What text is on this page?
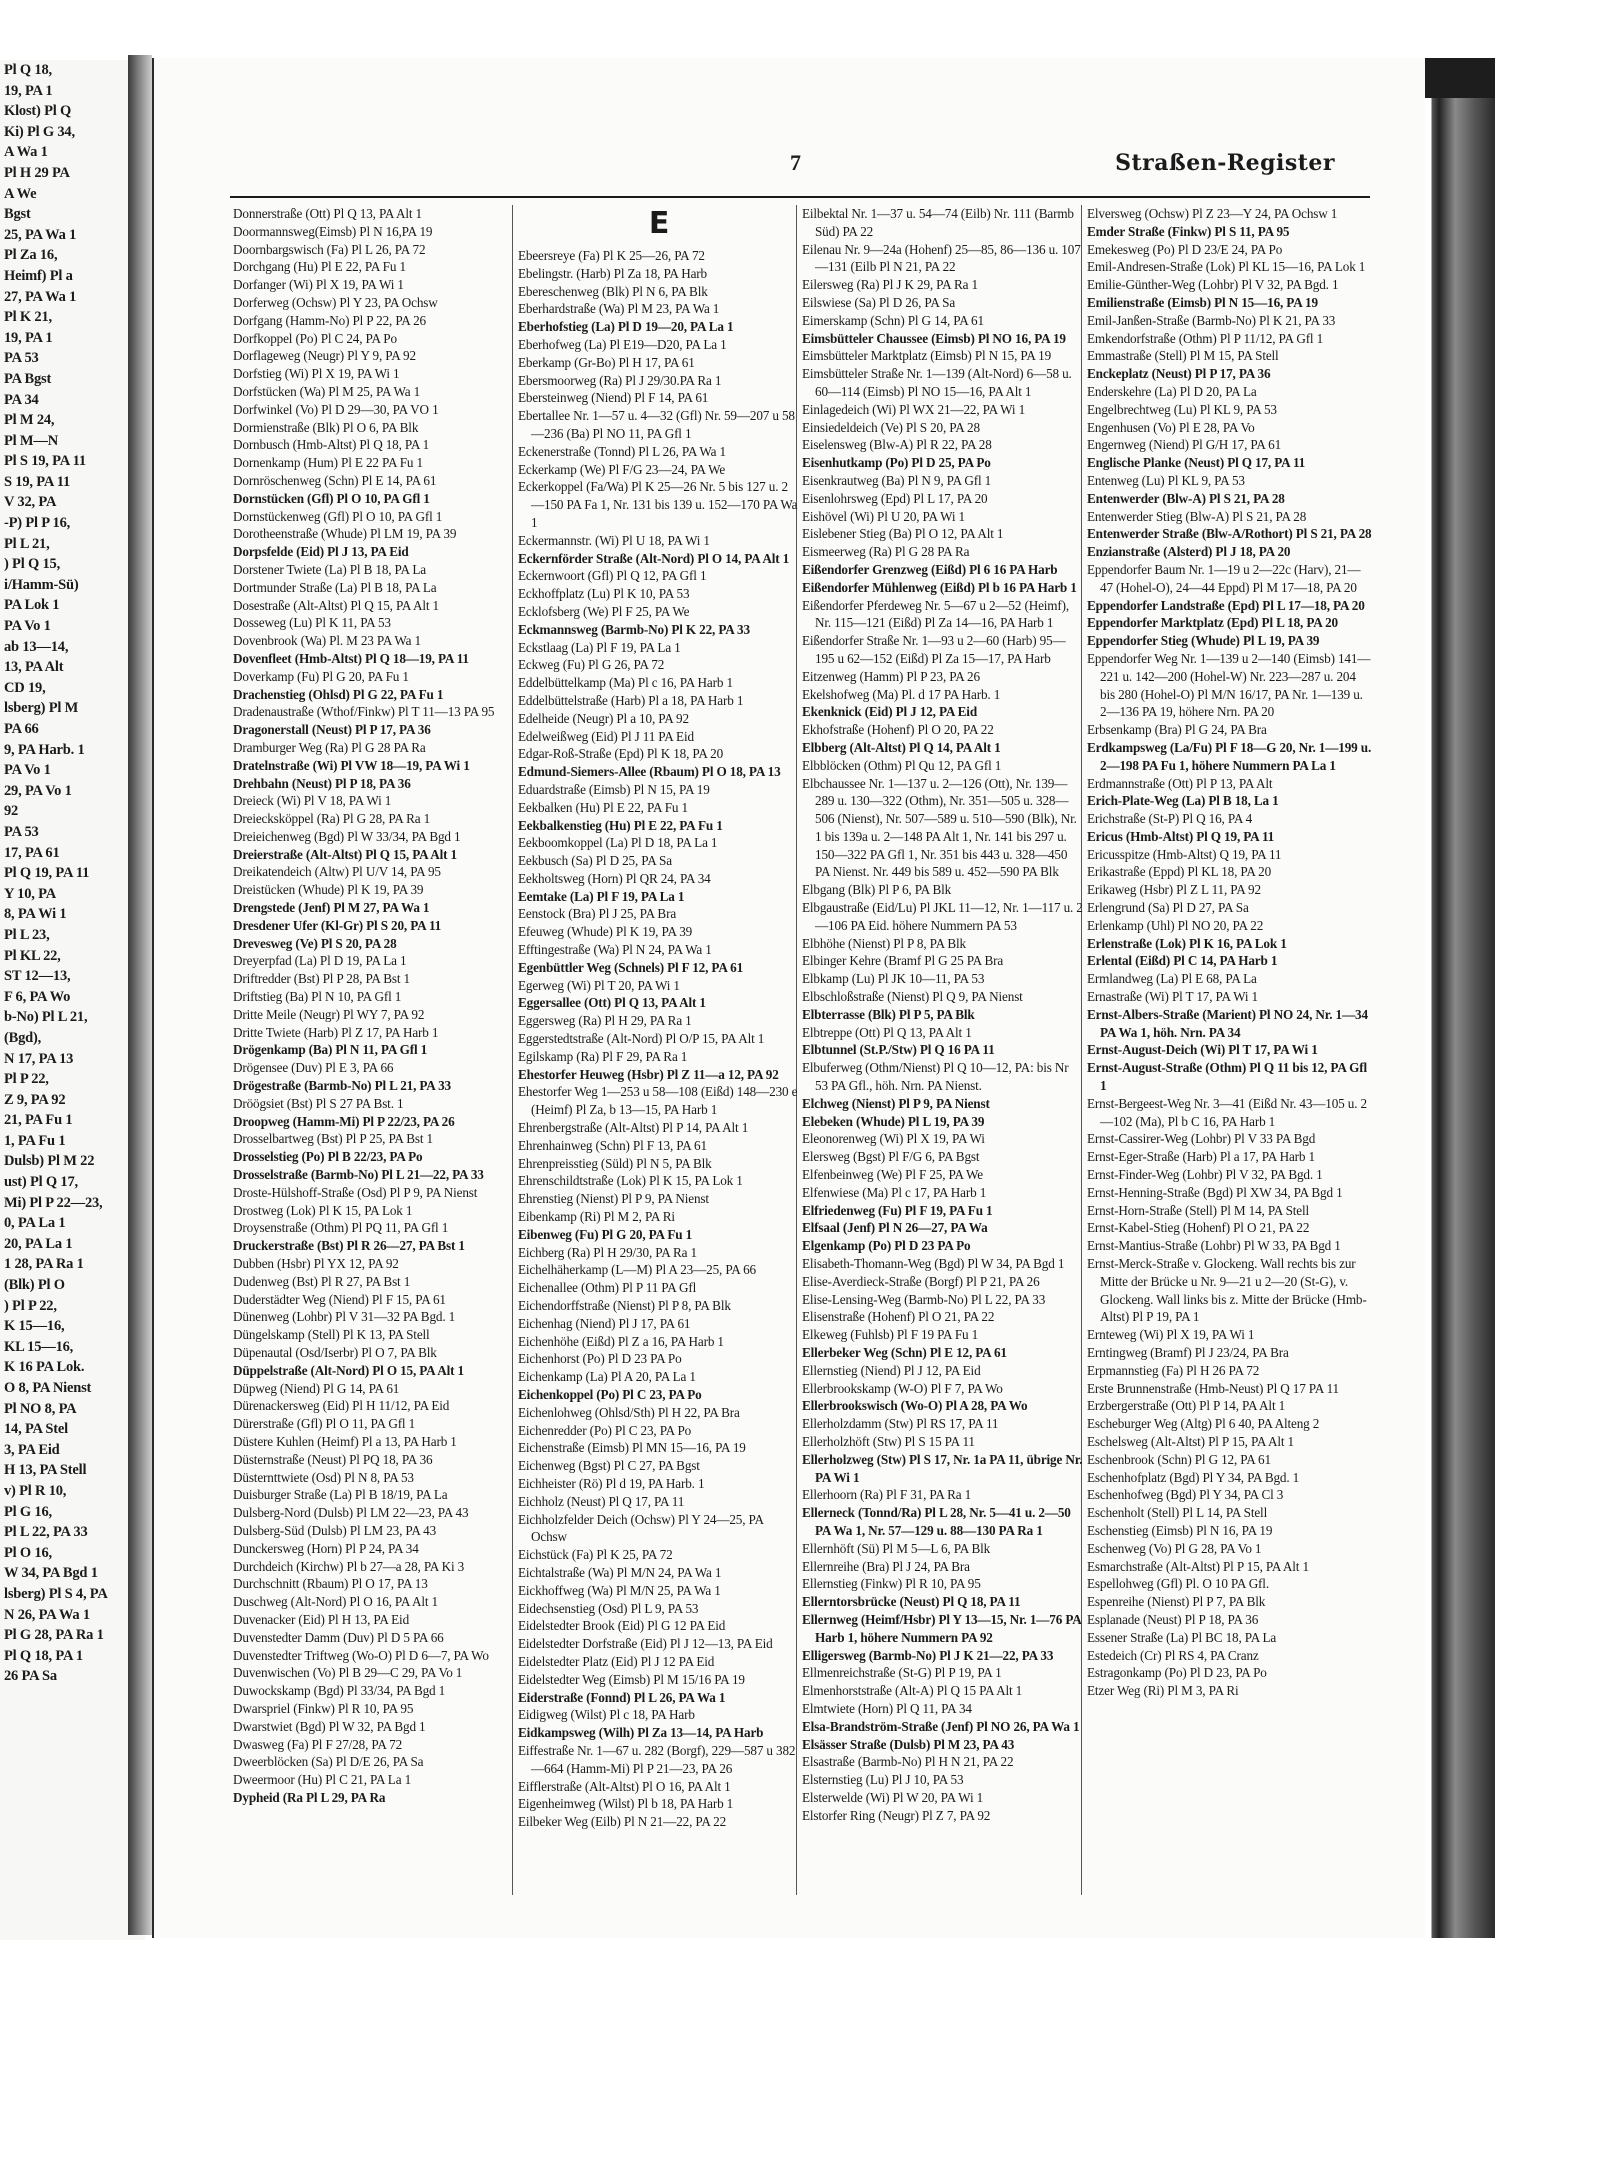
Pl Q 18,
19, PA 1
Klost) Pl Q
Ki) Pl G 34,
A Wa 1
Pl H 29 PA
A We
Bgst
25, PA Wa 1
Pl Za 16,
Heimf) Pl a
27, PA Wa 1
Pl K 21,
19, PA 1
PA 53
PA Bgst
PA 34
Pl M 24,
Pl M—N
Pl S 19, PA 11
S 19, PA 11
V 32, PA
-P) Pl P 16,
Pl L 21,
) Pl Q 15,
i/Hamm-Sü)
PA Lok 1
PA Vo 1
ab 13—14,
13, PA Alt
CD 19,
lsberg) Pl M
PA 66
9, PA Harb. 1
PA Vo 1
29, PA Vo 1
92
PA 53
17, PA 61
Pl Q 19, PA 11
Y 10, PA
8, PA Wi 1
Pl L 23,
Pl KL 22,
ST 12—13,
F 6, PA Wo
b-No) Pl L 21,
(Bgd),
N 17, PA 13
Pl P 22,
Z 9, PA 92
21, PA Fu 1
1, PA Fu 1
Dulsb) Pl M 22
ust) Pl Q 17,
Mi) Pl P 22—23,
0, PA La 1
20, PA La 1
1 28, PA Ra 1
(Blk) Pl O
) Pl P 22,
K 15—16,
KL 15—16,
K 16 PA Lok.
O 8, PA Nienst
Pl NO 8, PA
14, PA Stel
3, PA Eid
H 13, PA Stell
v) Pl R 10,
Pl G 16,
Pl L 22, PA 33
Pl O 16,
W 34, PA Bgd 1
lsberg) Pl S 4, PA
N 26, PA Wa 1
Pl G 28, PA Ra 1
Pl Q 18, PA 1
26 PA Sa
7	Straßen-Register

Donnerstraße (Ott) Pl Q 13, PA Alt 1

Doormannsweg(Eimsb) Pl N 16,PA 19

Doornbargswisch (Fa) Pl L 26, PA 72

Dorchgang (Hu) Pl E 22, PA Fu 1

Dorfanger (Wi) Pl X 19, PA Wi 1

Dorferweg (Ochsw) Pl Y 23, PA Ochsw

Dorfgang (Hamm-No) Pl P 22, PA 26

Dorfkoppel (Po) Pl C 24, PA Po

Dorflageweg (Neugr) Pl Y 9, PA 92

Dorfstieg (Wi) Pl X 19, PA Wi 1

Dorfstücken (Wa) Pl M 25, PA Wa 1

Dorfwinkel (Vo) Pl D 29—30, PA VO 1

Dormienstraße (Blk) Pl O 6, PA Blk

Dornbusch (Hmb-Altst) Pl Q 18, PA 1

Dornenkamp (Hum) Pl E 22 PA Fu 1

Dornröschenweg (Schn) Pl E 14, PA 61

Dornstücken (Gfl) Pl O 10, PA Gfl 1

Dornstückenweg (Gfl) Pl O 10, PA Gfl 1

Dorotheenstraße (Whude) Pl LM 19, PA 39

Dorpsfelde (Eid) Pl J 13, PA Eid

Dorstener Twiete (La) Pl B 18, PA La

Dortmunder Straße (La) Pl B 18, PA La

Dosestraße (Alt-Altst) Pl Q 15, PA Alt 1

Dosseweg (Lu) Pl K 11, PA 53

Dovenbrook (Wa) Pl. M 23 PA Wa 1

Dovenfleet (Hmb-Altst) Pl Q 18—19, PA 11

Doverkamp (Fu) Pl G 20, PA Fu 1

Drachenstieg (Ohlsd) Pl G 22, PA Fu 1

Dradenaustraße (Wthof/Finkw) Pl T 11—13 PA 95

Dragonerstall (Neust) Pl P 17, PA 36

Dramburger Weg (Ra) Pl G 28 PA Ra

Dratelnstraße (Wi) Pl VW 18—19, PA Wi 1

Drehbahn (Neust) Pl P 18, PA 36

Dreieck (Wi) Pl V 18, PA Wi 1

Dreiecksköppel (Ra) Pl G 28, PA Ra 1

Dreieichenweg (Bgd) Pl W 33/34, PA Bgd 1

Dreierstraße (Alt-Altst) Pl Q 15, PA Alt 1

Dreikatendeich (Altw) Pl U/V 14, PA 95

Dreistücken (Whude) Pl K 19, PA 39

Drengstede (Jenf) Pl M 27, PA Wa 1

Dresdener Ufer (Kl-Gr) Pl S 20, PA 11

Drevesweg (Ve) Pl S 20, PA 28

Dreyerpfad (La) Pl D 19, PA La 1

Driftredder (Bst) Pl P 28, PA Bst 1

Driftstieg (Ba) Pl N 10, PA Gfl 1

Dritte Meile (Neugr) Pl WY 7, PA 92

Dritte Twiete (Harb) Pl Z 17, PA Harb 1

Drögenkamp (Ba) Pl N 11, PA Gfl 1

Drögensee (Duv) Pl E 3, PA 66

Drögestraße (Barmb-No) Pl L 21, PA 33

Dröögsiet (Bst) Pl S 27 PA Bst. 1

Droopweg (Hamm-Mi) Pl P 22/23, PA 26

Drosselbartweg (Bst) Pl P 25, PA Bst 1

Drosselstieg (Po) Pl B 22/23, PA Po

Drosselstraße (Barmb-No) Pl L 21—22, PA 33

Droste-Hülshoff-Straße (Osd) Pl P 9, PA Nienst

Drostweg (Lok) Pl K 15, PA Lok 1

Droysenstraße (Othm) Pl PQ 11, PA Gfl 1

Druckerstraße (Bst) Pl R 26—27, PA Bst 1

Dubben (Hsbr) Pl YX 12, PA 92

Dudenweg (Bst) Pl R 27, PA Bst 1

Duderstädter Weg (Niend) Pl F 15, PA 61

Dünenweg (Lohbr) Pl V 31—32 PA Bgd. 1

Düngelskamp (Stell) Pl K 13, PA Stell

Düpenautal (Osd/Iserbr) Pl O 7, PA Blk

Düppelstraße (Alt-Nord) Pl O 15, PA Alt 1

Düpweg (Niend) Pl G 14, PA 61

Dürenackersweg (Eid) Pl H 11/12, PA Eid

Dürerstraße (Gfl) Pl O 11, PA Gfl 1

Düstere Kuhlen (Heimf) Pl a 13, PA Harb 1

Düsternstraße (Neust) Pl PQ 18, PA 36

Düsternttwiete (Osd) Pl N 8, PA 53

Duisburger Straße (La) Pl B 18/19, PA La

Dulsberg-Nord (Dulsb) Pl LM 22—23, PA 43

Dulsberg-Süd (Dulsb) Pl LM 23, PA 43

Dunckersweg (Horn) Pl P 24, PA 34

Durchdeich (Kirchw) Pl b 27—a 28, PA Ki 3

Durchschnitt (Rbaum) Pl O 17, PA 13

Duschweg (Alt-Nord) Pl O 16, PA Alt 1

Duvenacker (Eid) Pl H 13, PA Eid

Duvenstedter Damm (Duv) Pl D 5 PA 66

Duvenstedter Triftweg (Wo-O) Pl D 6—7, PA Wo

Duvenwischen (Vo) Pl B 29—C 29, PA Vo 1

Duwockskamp (Bgd) Pl 33/34, PA Bgd 1

Dwarspriel (Finkw) Pl R 10, PA 95

Dwarstwiet (Bgd) Pl W 32, PA Bgd 1

Dwasweg (Fa) Pl F 27/28, PA 72

Dweerblöcken (Sa) Pl D/E 26, PA Sa

Dweermoor (Hu) Pl C 21, PA La 1

Dypheid (Ra Pl L 29, PA Ra

E

Ebeersreye (Fa) Pl K 25—26, PA 72

Ebelingstr. (Harb) Pl Za 18, PA Harb

Ebereschenweg (Blk) Pl N 6, PA Blk

Eberhardstraße (Wa) Pl M 23, PA Wa 1

Eberhofstieg (La) Pl D 19—20, PA La 1

Eberhofweg (La) Pl E19—D20, PA La 1

Eberkamp (Gr-Bo) Pl H 17, PA 61

Ebersmoorweg (Ra) Pl J 29/30.PA Ra 1

Ebersteinweg (Niend) Pl F 14, PA 61

Ebertallee Nr. 1—57 u. 4—32 (Gfl) Nr. 59—207 u 58—236 (Ba) Pl NO 11, PA Gfl 1

Eckenerstraße (Tonnd) Pl L 26, PA Wa 1

Eckerkamp (We) Pl F/G 23—24, PA We

Eckerkoppel (Fa/Wa) Pl K 25—26 Nr. 5 bis 127 u. 2—150 PA Fa 1, Nr. 131 bis 139 u. 152—170 PA Wa 1

Eckermannstr. (Wi) Pl U 18, PA Wi 1

Eckernförder Straße (Alt-Nord) Pl O 14, PA Alt 1

Eckernwoort (Gfl) Pl Q 12, PA Gfl 1

Eckhoffplatz (Lu) Pl K 10, PA 53

Ecklofsberg (We) Pl F 25, PA We

Eckmannsweg (Barmb-No) Pl K 22, PA 33

Eckstlaag (La) Pl F 19, PA La 1

Eckweg (Fu) Pl G 26, PA 72

Eddelbüttelkamp (Ma) Pl c 16, PA Harb 1

Eddelbüttelstraße (Harb) Pl a 18, PA Harb 1

Edelheide (Neugr) Pl a 10, PA 92

Edelweißweg (Eid) Pl J 11 PA Eid

Edgar-Roß-Straße (Epd) Pl K 18, PA 20

Edmund-Siemers-Allee (Rbaum) Pl O 18, PA 13

Eduardstraße (Eimsb) Pl N 15, PA 19

Eekbalken (Hu) Pl E 22, PA Fu 1

Eekbalkenstieg (Hu) Pl E 22, PA Fu 1

Eekboomkoppel (La) Pl D 18, PA La 1

Eekbusch (Sa) Pl D 25, PA Sa

Eekholtsweg (Horn) Pl QR 24, PA 34

Eemtake (La) Pl F 19, PA La 1

Eenstock (Bra) Pl J 25, PA Bra

Efeuweg (Whude) Pl K 19, PA 39

Efftingestraße (Wa) Pl N 24, PA Wa 1

Egenbüttler Weg (Schnels) Pl F 12, PA 61

Egerweg (Wi) Pl T 20, PA Wi 1

Eggersallee (Ott) Pl Q 13, PA Alt 1

Eggersweg (Ra) Pl H 29, PA Ra 1

Eggerstedtstraße (Alt-Nord) Pl O/P 15, PA Alt 1

Egilskamp (Ra) Pl F 29, PA Ra 1

Ehestorfer Heuweg (Hsbr) Pl Z 11—a 12, PA 92

Ehestorfer Weg 1—253 u 58—108 (Eißd) 148—230 e (Heimf) Pl Za, b 13—15, PA Harb 1

Ehrenbergstraße (Alt-Altst) Pl P 14, PA Alt 1

Ehrenhainweg (Schn) Pl F 13, PA 61

Ehrenpreisstieg (Süld) Pl N 5, PA Blk

Ehrenschildtstraße (Lok) Pl K 15, PA Lok 1

Ehrenstieg (Nienst) Pl P 9, PA Nienst

Eibenkamp (Ri) Pl M 2, PA Ri

Eibenweg (Fu) Pl G 20, PA Fu 1

Eichberg (Ra) Pl H 29/30, PA Ra 1

Eichelhäherkamp (L—M) Pl A 23—25, PA 66

Eichenallee (Othm) Pl P 11 PA Gfl

Eichendorffstraße (Nienst) Pl P 8, PA Blk

Eichenhag (Niend) Pl J 17, PA 61

Eichenhöhe (Eißd) Pl Z a 16, PA Harb 1

Eichenhorst (Po) Pl D 23 PA Po

Eichenkamp (La) Pl A 20, PA La 1

Eichenkoppel (Po) Pl C 23, PA Po

Eichenlohweg (Ohlsd/Sth) Pl H 22, PA Bra

Eichenredder (Po) Pl C 23, PA Po

Eichenstraße (Eimsb) Pl MN 15—16, PA 19

Eichenweg (Bgst) Pl C 27, PA Bgst

Eichheister (Rö) Pl d 19, PA Harb. 1

Eichholz (Neust) Pl Q 17, PA 11

Eichholzfelder Deich (Ochsw) Pl Y 24—25, PA Ochsw

Eichstück (Fa) Pl K 25, PA 72

Eichtalstraße (Wa) Pl M/N 24, PA Wa 1

Eickhoffweg (Wa) Pl M/N 25, PA Wa 1

Eidechsenstieg (Osd) Pl L 9, PA 53

Eidelstedter Brook (Eid) Pl G 12 PA Eid

Eidelstedter Dorfstraße (Eid) Pl J 12—13, PA Eid

Eidelstedter Platz (Eid) Pl J 12 PA Eid

Eidelstedter Weg (Eimsb) Pl M 15/16 PA 19

Eiderstraße (Fonnd) Pl L 26, PA Wa 1

Eidigweg (Wilst) Pl c 18, PA Harb

Eidkampsweg (Wilh) Pl Za 13—14, PA Harb

Eiffestraße Nr. 1—67 u. 282 (Borgf), 229—587 u 382—664 (Hamm-Mi) Pl P 21—23, PA 26

Eifflerstraße (Alt-Altst) Pl O 16, PA Alt 1

Eigenheimweg (Wilst) Pl b 18, PA Harb 1

Eilbeker Weg (Eilb) Pl N 21—22, PA 22

Eilbektal Nr. 1—37 u. 54—74 (Eilb) Nr. 111 (Barmb Süd) PA 22

Eilenau Nr. 9—24a (Hohenf) 25—85, 86—136 u. 107—131 (Eilb Pl N 21, PA 22

Eilersweg (Ra) Pl J K 29, PA Ra 1

Eilswiese (Sa) Pl D 26, PA Sa

Eimerskamp (Schn) Pl G 14, PA 61

Eimsbütteler Chaussee (Eimsb) Pl NO 16, PA 19

Eimsbütteler Marktplatz (Eimsb) Pl N 15, PA 19

Eimsbütteler Straße Nr. 1—139 (Alt-Nord) 6—58 u. 60—114 (Eimsb) Pl NO 15—16, PA Alt 1

Einlagedeich (Wi) Pl WX 21—22, PA Wi 1

Einsiedeldeich (Ve) Pl S 20, PA 28

Eiselensweg (Blw-A) Pl R 22, PA 28

Eisenhutkamp (Po) Pl D 25, PA Po

Eisenkrautweg (Ba) Pl N 9, PA Gfl 1

Eisenlohrsweg (Epd) Pl L 17, PA 20

Eishövel (Wi) Pl U 20, PA Wi 1

Eislebener Stieg (Ba) Pl O 12, PA Alt 1

Eismeerweg (Ra) Pl G 28 PA Ra

Eißendorfer Grenzweg (Eißd) Pl 6 16 PA Harb

Eißendorfer Mühlenweg (Eißd) Pl b 16 PA Harb 1

Eißendorfer Pferdeweg Nr. 5—67 u 2—52 (Heimf), Nr. 115—121 (Eißd) Pl Za 14—16, PA Harb 1

Eißendorfer Straße Nr. 1—93 u 2—60 (Harb) 95—195 u 62—152 (Eißd) Pl Za 15—17, PA Harb

Eitzenweg (Hamm) Pl P 23, PA 26

Ekelshofweg (Ma) Pl. d 17 PA Harb. 1

Ekenknick (Eid) Pl J 12, PA Eid

Ekhofstraße (Hohenf) Pl O 20, PA 22

Elbberg (Alt-Altst) Pl Q 14, PA Alt 1

Elbblöcken (Othm) Pl Qu 12, PA Gfl 1

Elbchaussee Nr. 1—137 u. 2—126 (Ott), Nr. 139—289 u. 130—322 (Othm), Nr. 351—505 u. 328—506 (Nienst), Nr. 507—589 u. 510—590 (Blk), Nr. 1 bis 139a u. 2—148 PA Alt 1, Nr. 141 bis 297 u. 150—322 PA Gfl 1, Nr. 351 bis 443 u. 328—450 PA Nienst. Nr. 449 bis 589 u. 452—590 PA Blk

Elbgang (Blk) Pl P 6, PA Blk

Elbgaustraße (Eid/Lu) Pl JKL 11—12, Nr. 1—117 u. 2—106 PA Eid. höhere Nummern PA 53

Elbhöhe (Nienst) Pl P 8, PA Blk

Elbinger Kehre (Bramf Pl G 25 PA Bra

Elbkamp (Lu) Pl JK 10—11, PA 53

Elbschloßstraße (Nienst) Pl Q 9, PA Nienst

Elbterrasse (Blk) Pl P 5, PA Blk

Elbtreppe (Ott) Pl Q 13, PA Alt 1

Elbtunnel (St.P./Stw) Pl Q 16 PA 11

Elbuferweg (Othm/Nienst) Pl Q 10—12, PA: bis Nr 53 PA Gfl., höh. Nrn. PA Nienst.

Elchweg (Nienst) Pl P 9, PA Nienst

Elebeken (Whude) Pl L 19, PA 39

Eleonorenweg (Wi) Pl X 19, PA Wi

Elersweg (Bgst) Pl F/G 6, PA Bgst

Elfenbeinweg (We) Pl F 25, PA We

Elfenwiese (Ma) Pl c 17, PA Harb 1

Elfriedenweg (Fu) Pl F 19, PA Fu 1

Elfsaal (Jenf) Pl N 26—27, PA Wa

Elgenkamp (Po) Pl D 23 PA Po

Elisabeth-Thomann-Weg (Bgd) Pl W 34, PA Bgd 1

Elise-Averdieck-Straße (Borgf) Pl P 21, PA 26

Elise-Lensing-Weg (Barmb-No) Pl L 22, PA 33

Elisenstraße (Hohenf) Pl O 21, PA 22

Elkeweg (Fuhlsb) Pl F 19 PA Fu 1

Ellerbeker Weg (Schn) Pl E 12, PA 61

Ellernstieg (Niend) Pl J 12, PA Eid

Ellerbrookskamp (W-O) Pl F 7, PA Wo

Ellerbrookswisch (Wo-O) Pl A 28, PA Wo

Ellerholzdamm (Stw) Pl RS 17, PA 11

Ellerholzhöft (Stw) Pl S 15 PA 11

Ellerholzweg (Stw) Pl S 17, Nr. 1a PA 11, übrige Nr. PA Wi 1

Ellerhoorn (Ra) Pl F 31, PA Ra 1

Ellerneck (Tonnd/Ra) Pl L 28, Nr. 5—41 u. 2—50 PA Wa 1, Nr. 57—129 u. 88—130 PA Ra 1

Ellernhöft (Sü) Pl M 5—L 6, PA Blk

Ellernreihe (Bra) Pl J 24, PA Bra

Ellernstieg (Finkw) Pl R 10, PA 95

Ellerntorsbrücke (Neust) Pl Q 18, PA 11

Ellernweg (Heimf/Hsbr) Pl Y 13—15, Nr. 1—76 PA Harb 1, höhere Nummern PA 92

Elligersweg (Barmb-No) Pl J K 21—22, PA 33

Ellmenreichstraße (St-G) Pl P 19, PA 1

Elmenhorststraße (Alt-A) Pl Q 15 PA Alt 1

Elmtwiete (Horn) Pl Q 11, PA 34

Elsa-Brandström-Straße (Jenf) Pl NO 26, PA Wa 1

Elsässer Straße (Dulsb) Pl M 23, PA 43

Elsastraße (Barmb-No) Pl H N 21, PA 22

Elsternstieg (Lu) Pl J 10, PA 53

Elsterwelde (Wi) Pl W 20, PA Wi 1

Elstorfer Ring (Neugr) Pl Z 7, PA 92

Elversweg (Ochsw) Pl Z 23—Y 24, PA Ochsw 1

Emder Straße (Finkw) Pl S 11, PA 95

Emekesweg (Po) Pl D 23/E 24, PA Po

Emil-Andresen-Straße (Lok) Pl KL 15—16, PA Lok 1

Emilie-Günther-Weg (Lohbr) Pl V 32, PA Bgd. 1

Emilienstraße (Eimsb) Pl N 15—16, PA 19

Emil-Janßen-Straße (Barmb-No) Pl K 21, PA 33

Emkendorfstraße (Othm) Pl P 11/12, PA Gfl 1

Emmastraße (Stell) Pl M 15, PA Stell

Enckeplatz (Neust) Pl P 17, PA 36

Enderskehre (La) Pl D 20, PA La

Engelbrechtweg (Lu) Pl KL 9, PA 53

Engenhusen (Vo) Pl E 28, PA Vo

Engernweg (Niend) Pl G/H 17, PA 61

Englische Planke (Neust) Pl Q 17, PA 11

Entenweg (Lu) Pl KL 9, PA 53

Entenwerder (Blw-A) Pl S 21, PA 28

Entenwerder Stieg (Blw-A) Pl S 21, PA 28

Entenwerder Straße (Blw-A/Rothort) Pl S 21, PA 28

Enzianstraße (Alsterd) Pl J 18, PA 20

Eppendorfer Baum Nr. 1—19 u 2—22c (Harv), 21—47 (Hohel-O), 24—44 Eppd) Pl M 17—18, PA 20

Eppendorfer Landstraße (Epd) Pl L 17—18, PA 20

Eppendorfer Marktplatz (Epd) Pl L 18, PA 20

Eppendorfer Stieg (Whude) Pl L 19, PA 39

Eppendorfer Weg Nr. 1—139 u 2—140 (Eimsb) 141—221 u. 142—200 (Hohel-W) Nr. 223—287 u. 204 bis 280 (Hohel-O) Pl M/N 16/17, PA Nr. 1—139 u. 2—136 PA 19, höhere Nrn. PA 20

Erbsenkamp (Bra) Pl G 24, PA Bra

Erdkampsweg (La/Fu) Pl F 18—G 20, Nr. 1—199 u. 2—198 PA Fu 1, höhere Nummern PA La 1

Erdmannstraße (Ott) Pl P 13, PA Alt

Erich-Plate-Weg (La) Pl B 18, La 1

Erichstraße (St-P) Pl Q 16, PA 4

Ericus (Hmb-Altst) Pl Q 19, PA 11

Ericusspitze (Hmb-Altst) Q 19, PA 11

Erikastraße (Eppd) Pl KL 18, PA 20

Erikaweg (Hsbr) Pl Z L 11, PA 92

Erlengrund (Sa) Pl D 27, PA Sa

Erlenkamp (Uhl) Pl NO 20, PA 22

Erlenstraße (Lok) Pl K 16, PA Lok 1

Erlental (Eißd) Pl C 14, PA Harb 1

Ermlandweg (La) Pl E 68, PA La

Ernastraße (Wi) Pl T 17, PA Wi 1

Ernst-Albers-Straße (Marient) Pl NO 24, Nr. 1—34 PA Wa 1, höh. Nrn. PA 34

Ernst-August-Deich (Wi) Pl T 17, PA Wi 1

Ernst-August-Straße (Othm) Pl Q 11 bis 12, PA Gfl 1

Ernst-Bergeest-Weg Nr. 3—41 (Eißd Nr. 43—105 u. 2—102 (Ma), Pl b C 16, PA Harb 1

Ernst-Cassirer-Weg (Lohbr) Pl V 33 PA Bgd

Ernst-Eger-Straße (Harb) Pl a 17, PA Harb 1

Ernst-Finder-Weg (Lohbr) Pl V 32, PA Bgd. 1

Ernst-Henning-Straße (Bgd) Pl XW 34, PA Bgd 1

Ernst-Horn-Straße (Stell) Pl M 14, PA Stell

Ernst-Kabel-Stieg (Hohenf) Pl O 21, PA 22

Ernst-Mantius-Straße (Lohbr) Pl W 33, PA Bgd 1

Ernst-Merck-Straße v. Glockeng. Wall rechts bis zur Mitte der Brücke u Nr. 9—21 u 2—20 (St-G), v. Glockeng. Wall links bis z. Mitte der Brücke (Hmb-Altst) Pl P 19, PA 1

Ernteweg (Wi) Pl X 19, PA Wi 1

Erntingweg (Bramf) Pl J 23/24, PA Bra

Erpmannstieg (Fa) Pl H 26 PA 72

Erste Brunnenstraße (Hmb-Neust) Pl Q 17 PA 11

Erzbergerstraße (Ott) Pl P 14, PA Alt 1

Escheburger Weg (Altg) Pl 6 40, PA Alteng 2

Eschelsweg (Alt-Altst) Pl P 15, PA Alt 1

Eschenbrook (Schn) Pl G 12, PA 61

Eschenhofplatz (Bgd) Pl Y 34, PA Bgd. 1

Eschenhofweg (Bgd) Pl Y 34, PA Cl 3

Eschenholt (Stell) Pl L 14, PA Stell

Eschenstieg (Eimsb) Pl N 16, PA 19

Eschenweg (Vo) Pl G 28, PA Vo 1

Esmarchstraße (Alt-Altst) Pl P 15, PA Alt 1

Espellohweg (Gfl) Pl. O 10 PA Gfl.

Espenreihe (Nienst) Pl P 7, PA Blk

Esplanade (Neust) Pl P 18, PA 36

Essener Straße (La) Pl BC 18, PA La

Estedeich (Cr) Pl RS 4, PA Cranz

Estragonkamp (Po) Pl D 23, PA Po

Etzer Weg (Ri) Pl M 3, PA Ri
